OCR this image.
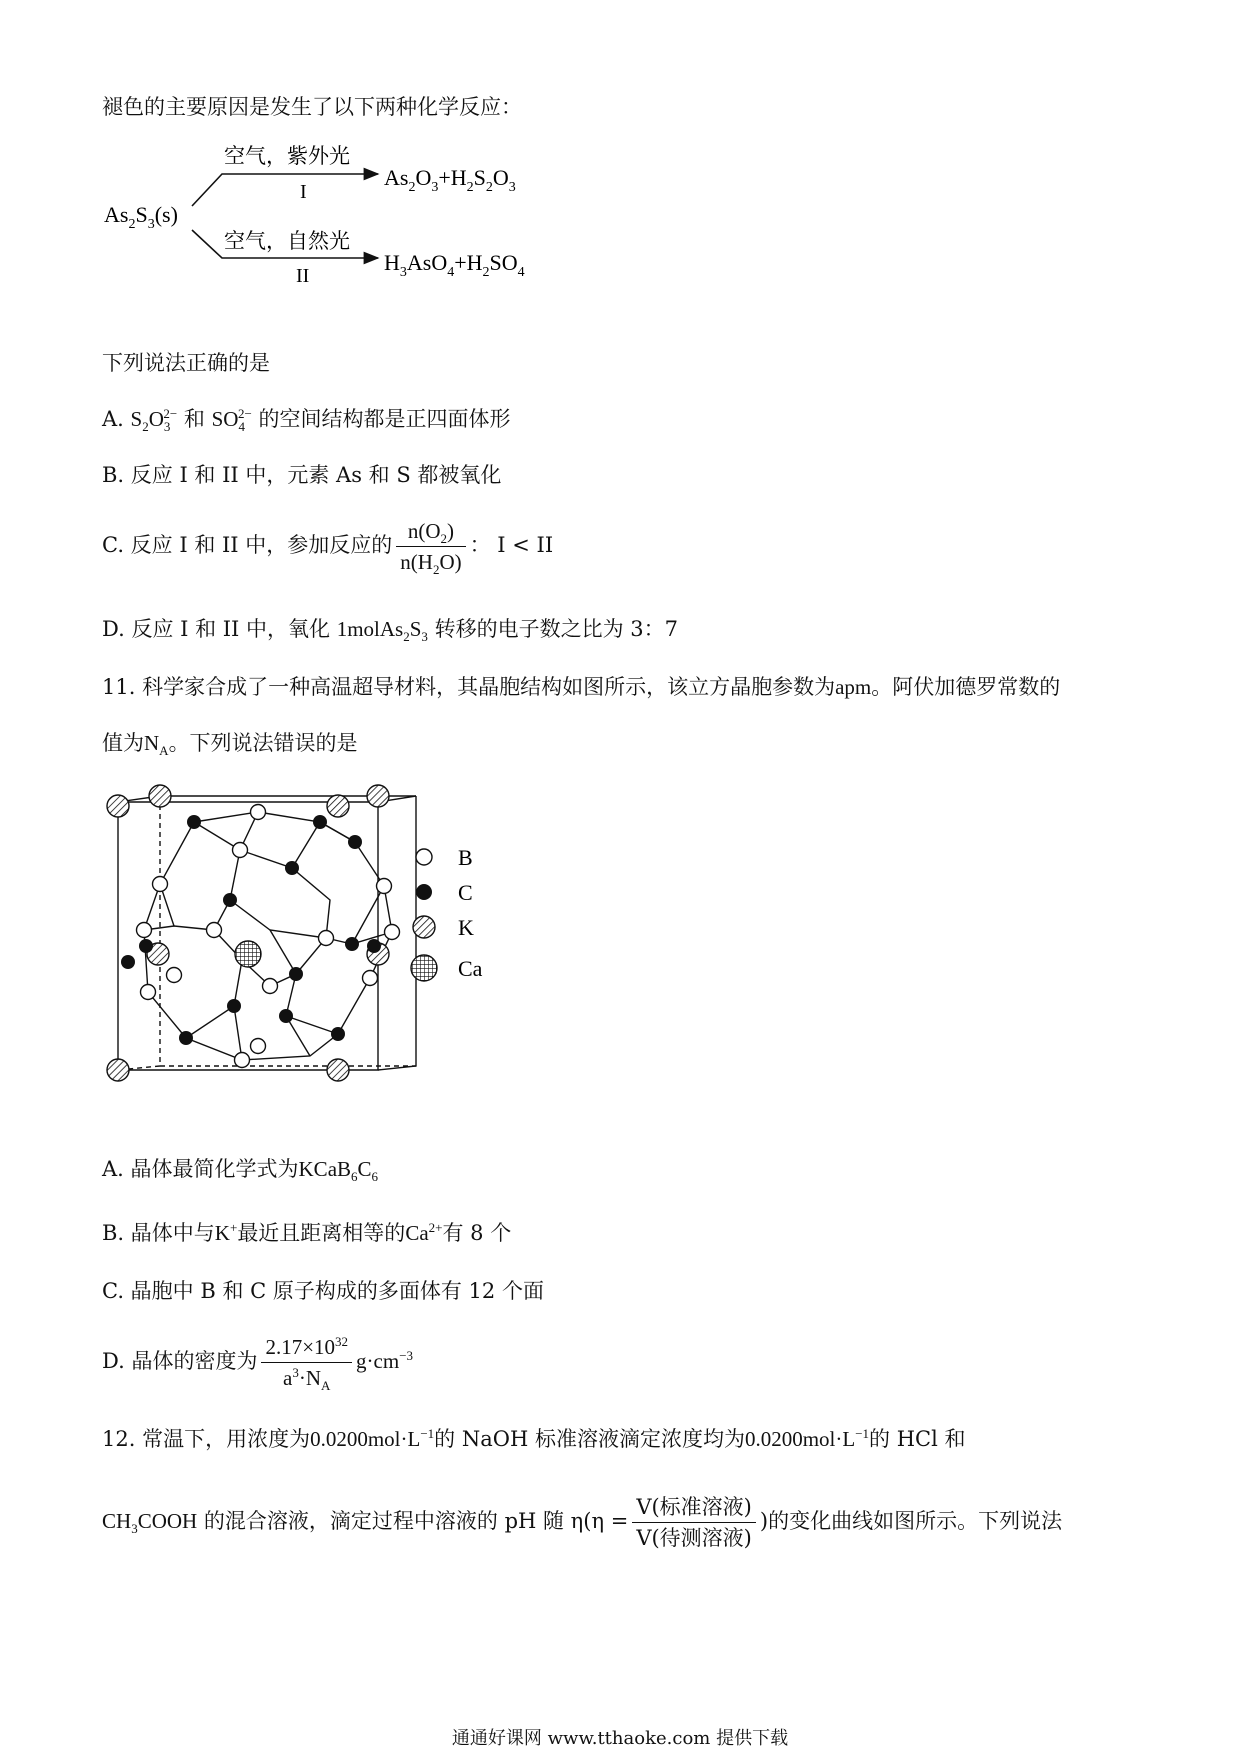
褪色的主要原因是发生了以下两种化学反应：
$As_2S_3(s)$
空气，紫外光
I
空气，自然光
II
$As_2O_3+H_2S_2O_3$
$H_3AsO_4+H_2SO_4$
下列说法正确的是
A. $S_2O_3^{2-}$ 和 $SO_4^{2-}$ 的空间结构都是正四面体形
B. 反应 I 和 II 中，元素 As 和 S 都被氧化
C. 反应 I 和 II 中，参加反应的 $\frac{n(O_2)}{n(H_2O)}$ ： I < II
D. 反应 I 和 II 中，氧化 $1molAs_2S_3$ 转移的电子数之比为 3：7
11. 科学家合成了一种高温超导材料，其晶胞结构如图所示，该立方晶胞参数为apm。阿伏加德罗常数的
值为$N_A$。下列说法错误的是
B
C
K
Ca
A. 晶体最简化学式为$KCaB_6C_6$
B. 晶体中与K+最近且距离相等的$Ca^{2+}$有 8 个
C. 晶胞中 B 和 C 原子构成的多面体有 12 个面
D. 晶体的密度为 $\frac{2.17\times 10^{32}}{a^3\cdot N_A} g\cdot cm^{-3}$
12. 常温下，用浓度为$0.0200mol\cdot L^{-1}$的 NaOH 标准溶液滴定浓度均为$0.0200mol\cdot L^{-1}$的 HCl 和
$CH_3COOH$ 的混合溶液，滴定过程中溶液的 pH 随 $\eta(\eta = \frac{\text{V(标准溶液)}}{\text{V(待测溶液)}}$ )的变化曲线如图所示。下列说法
通通好课网 www.tthaoke.com 提供下载
